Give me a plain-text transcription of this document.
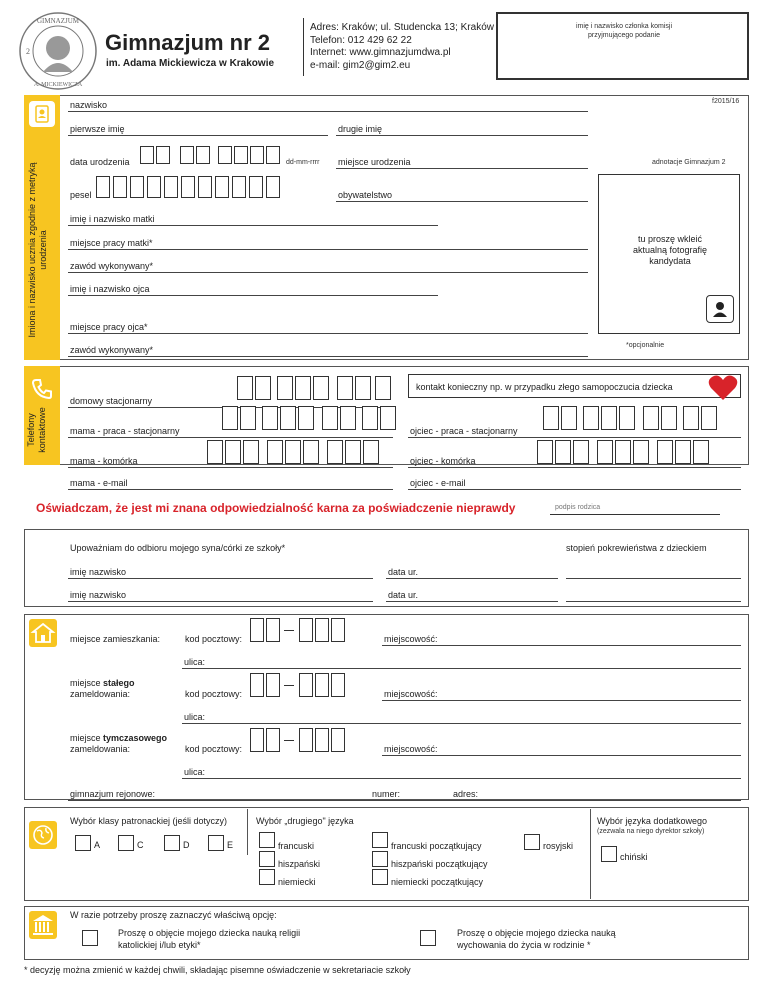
GIMNAZJUM
A. MICKIEWICZA
2	Gimnazjum nr 2
im. Adama Mickiewicza w Krakowie
Adres: Kraków; ul. Studencka 13; Kraków
Telefon: 012 429 62 22
Internet: www.gimnazjumdwa.pl
e-mail: gim2@gim2.eu
imię i nazwisko członka komisji przyjmującego podanie
Imiona i nazwisko ucznia zgodnie z metryką urodzenia
f2015/16
nazwisko
pierwsze imię	drugie imię
data urodzenia	dd-mm-rrrr miejsce urodzenia	adnotacje Gimnazjum 2
pesel	obywatelstwo
tu proszę wkleić aktualną fotografię kandydata
imię i nazwisko matki
miejsce pracy matki*
zawód wykonywany*
imię i nazwisko ojca
miejsce pracy ojca*
zawód wykonywany*	*opcjonalnie
Telefony kontaktowe
domowy stacjonarny
kontakt konieczny np. w przypadku złego samopoczucia dziecka
mama - praca - stacjonarny	ojciec - praca - stacjonarny
mama - komórka	ojciec - komórka
mama - e-mail	ojciec - e-mail
Oświadczam, że jest mi znana odpowiedzialność karna za poświadczenie nieprawdy	podpis rodzica
Upoważniam do odbioru mojego syna/córki ze szkoły*	stopień pokrewieństwa z dzieckiem
imię nazwisko	data ur.
imię nazwisko	data ur.
miejsce zamieszkania:	kod pocztowy:	miejscowość:
ulica:
miejsce stałego
zameldowania:	kod pocztowy:	miejscowość:
ulica:
miejsce tymczasowego
zameldowania:	kod pocztowy:	miejscowość:
ulica:
gimnazjum rejonowe:	numer:	adres:
Wybór klasy patronackiej (jeśli dotyczy)
A	C	D	E
Wybór „drugiego" języka
francuski
hiszpański
niemiecki
francuski początkujący
hiszpański początkujący
niemiecki początkujący
rosyjski
Wybór języka dodatkowego
(zezwala na niego dyrektor szkoły)
chiński
W razie potrzeby proszę zaznaczyć właściwą opcję:
Proszę o objęcie mojego dziecka nauką religii katolickiej i/lub etyki*
Proszę o objęcie mojego dziecka nauką wychowania do życia w rodzinie *
* decyzję można zmienić w każdej chwili, składając pisemne oświadczenie w sekretariacie szkoły
